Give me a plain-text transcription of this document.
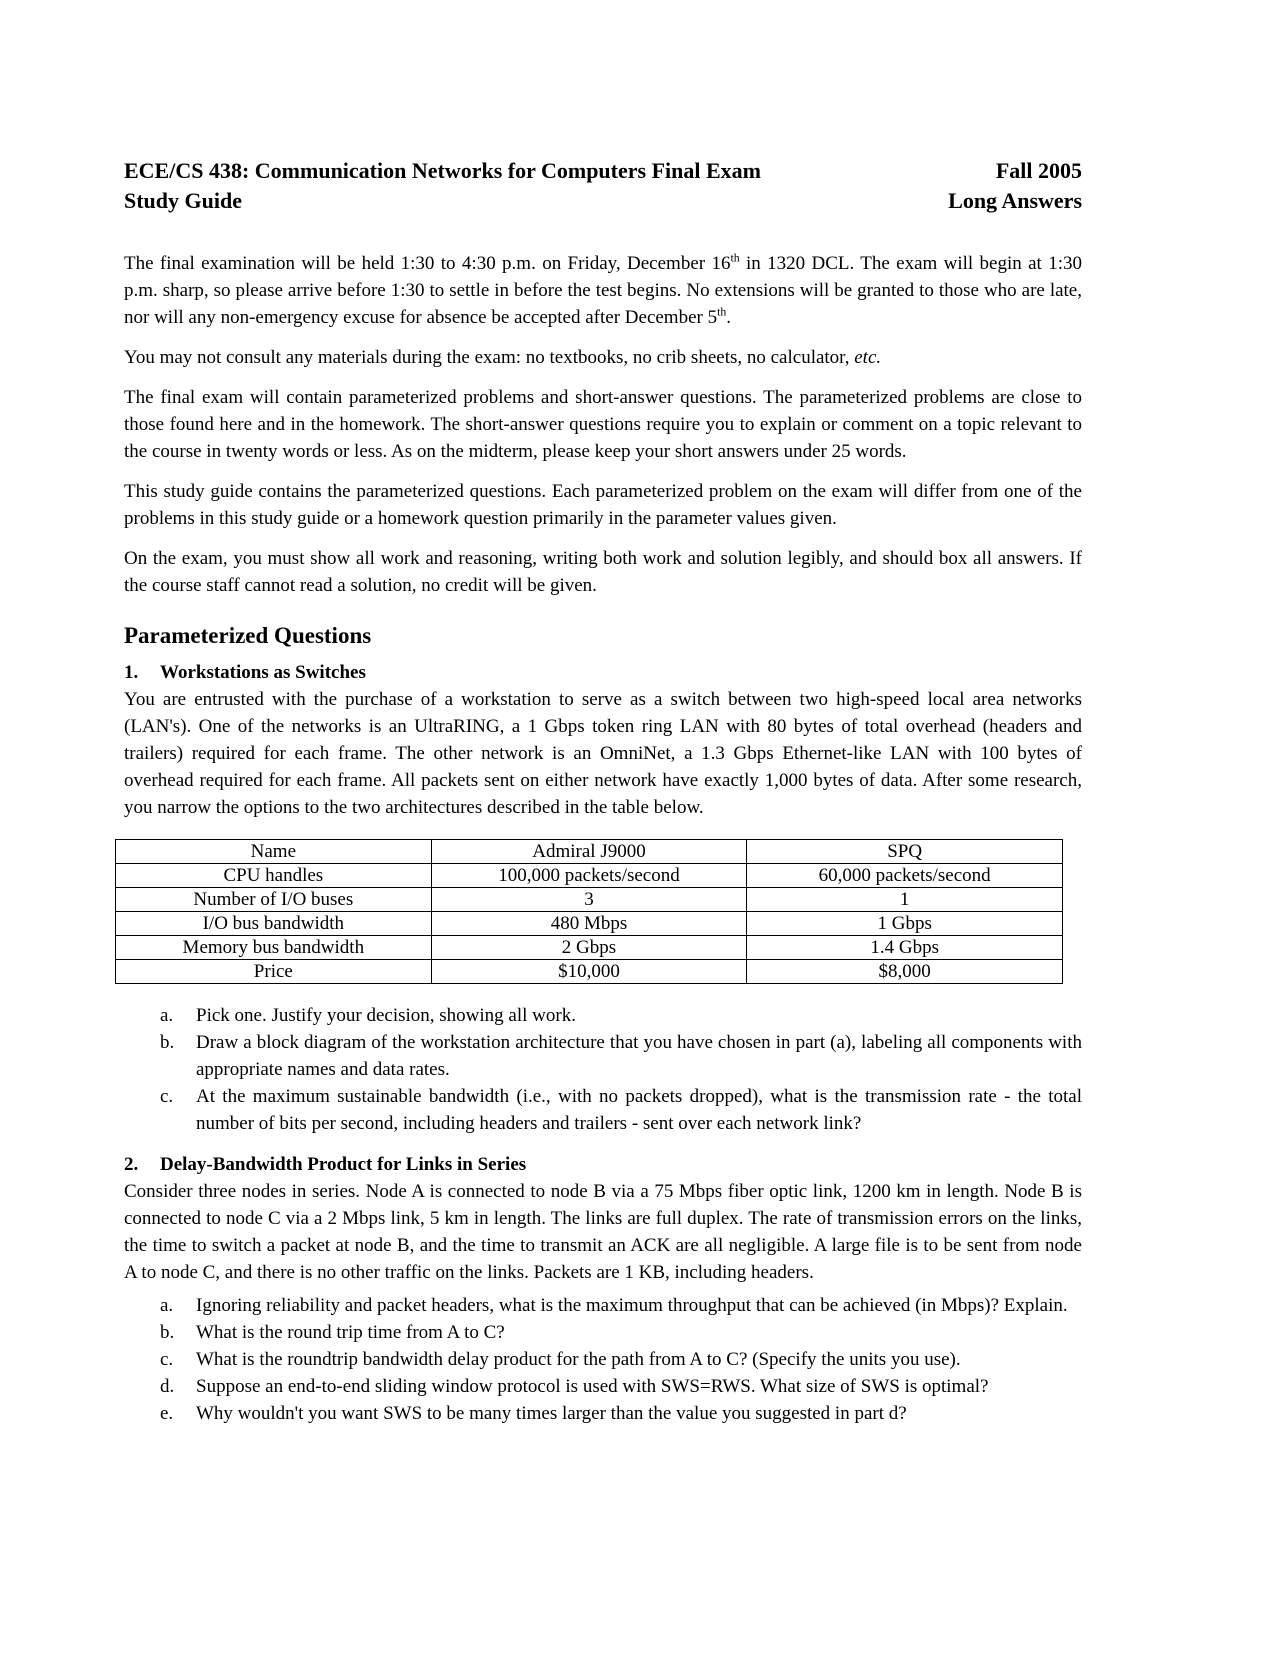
ECE/CS 438: Communication Networks for Computers Final Exam
Study Guide
Fall 2005
Long Answers

The final examination will be held 1:30 to 4:30 p.m. on Friday, December 16th in 1320 DCL. The exam will begin at 1:30 p.m. sharp, so please arrive before 1:30 to settle in before the test begins. No extensions will be granted to those who are late, nor will any non-emergency excuse for absence be accepted after December 5th.

You may not consult any materials during the exam: no textbooks, no crib sheets, no calculator, etc.

The final exam will contain parameterized problems and short-answer questions. The parameterized problems are close to those found here and in the homework. The short-answer questions require you to explain or comment on a topic relevant to the course in twenty words or less. As on the midterm, please keep your short answers under 25 words.

This study guide contains the parameterized questions. Each parameterized problem on the exam will differ from one of the problems in this study guide or a homework question primarily in the parameter values given.

On the exam, you must show all work and reasoning, writing both work and solution legibly, and should box all answers. If the course staff cannot read a solution, no credit will be given.

Parameterized Questions
1.	Workstations as Switches

You are entrusted with the purchase of a workstation to serve as a switch between two high-speed local area networks (LAN's). One of the networks is an UltraRING, a 1 Gbps token ring LAN with 80 bytes of total overhead (headers and trailers) required for each frame. The other network is an OmniNet, a 1.3 Gbps Ethernet-like LAN with 100 bytes of overhead required for each frame. All packets sent on either network have exactly 1,000 bytes of data. After some research, you narrow the options to the two architectures described in the table below.

Name	Admiral J9000	SPQ
CPU handles	100,000 packets/second	60,000 packets/second
Number of I/O buses	3	1
I/O bus bandwidth	480 Mbps	1 Gbps
Memory bus bandwidth	2 Gbps	1.4 Gbps
Price	$10,000	$8,000
a.	Pick one. Justify your decision, showing all work.
b.	Draw a block diagram of the workstation architecture that you have chosen in part (a), labeling all components with appropriate names and data rates.
c.	At the maximum sustainable bandwidth (i.e., with no packets dropped), what is the transmission rate - the total number of bits per second, including headers and trailers - sent over each network link?
2.	Delay-Bandwidth Product for Links in Series

Consider three nodes in series. Node A is connected to node B via a 75 Mbps fiber optic link, 1200 km in length. Node B is connected to node C via a 2 Mbps link, 5 km in length. The links are full duplex. The rate of transmission errors on the links, the time to switch a packet at node B, and the time to transmit an ACK are all negligible. A large file is to be sent from node A to node C, and there is no other traffic on the links. Packets are 1 KB, including headers.

a.	Ignoring reliability and packet headers, what is the maximum throughput that can be achieved (in Mbps)? Explain.
b.	What is the round trip time from A to C?
c.	What is the roundtrip bandwidth delay product for the path from A to C? (Specify the units you use).
d.	Suppose an end-to-end sliding window protocol is used with SWS=RWS. What size of SWS is optimal?
e.	Why wouldn't you want SWS to be many times larger than the value you suggested in part d?
